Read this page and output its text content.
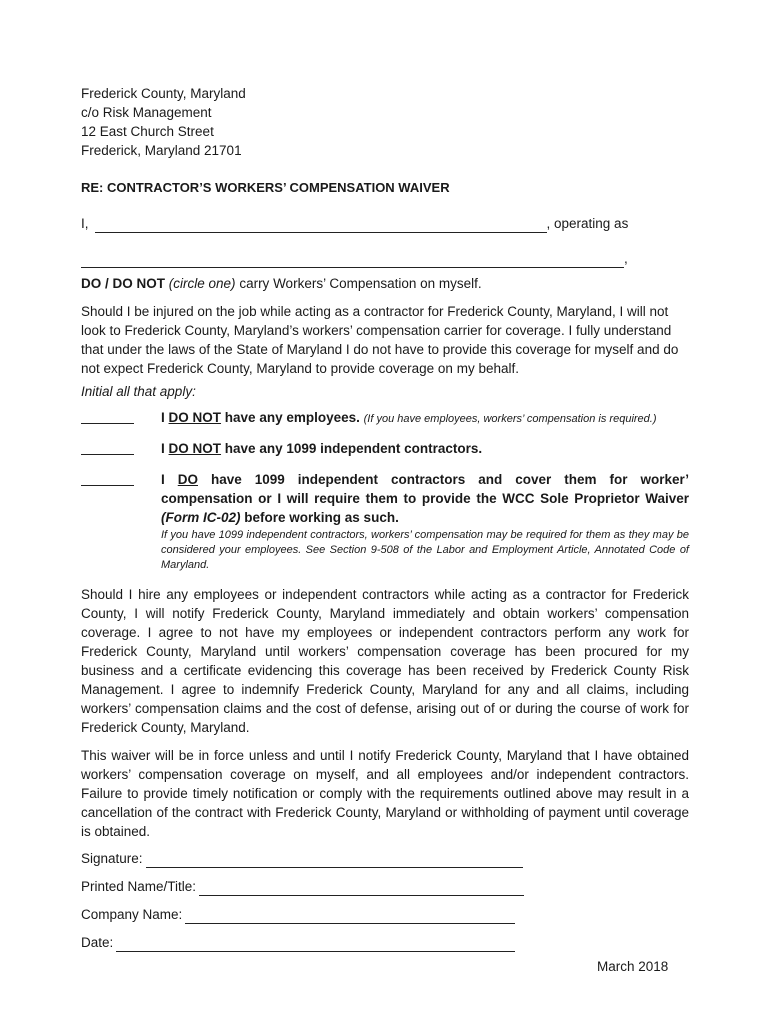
Frederick County, Maryland
c/o Risk Management
12 East Church Street
Frederick, Maryland 21701
RE: CONTRACTOR’S WORKERS’ COMPENSATION WAIVER
I,	, operating as
,
DO / DO NOT (circle one) carry Workers’ Compensation on myself.
Should I be injured on the job while acting as a contractor for Frederick County, Maryland, I will not look to Frederick County, Maryland’s workers’ compensation carrier for coverage. I fully understand that under the laws of the State of Maryland I do not have to provide this coverage for myself and do not expect Frederick County, Maryland to provide coverage on my behalf.
Initial all that apply:
I DO NOT have any employees. (If you have employees, workers’ compensation is required.)
I DO NOT have any 1099 independent contractors.
I DO have 1099 independent contractors and cover them for worker’ compensation or I will require them to provide the WCC Sole Proprietor Waiver (Form IC-02) before working as such.
If you have 1099 independent contractors, workers’ compensation may be required for them as they may be considered your employees. See Section 9-508 of the Labor and Employment Article, Annotated Code of Maryland.
Should I hire any employees or independent contractors while acting as a contractor for Frederick County, I will notify Frederick County, Maryland immediately and obtain workers’ compensation coverage. I agree to not have my employees or independent contractors perform any work for Frederick County, Maryland until workers’ compensation coverage has been procured for my business and a certificate evidencing this coverage has been received by Frederick County Risk Management. I agree to indemnify Frederick County, Maryland for any and all claims, including workers’ compensation claims and the cost of defense, arising out of or during the course of work for Frederick County, Maryland.
This waiver will be in force unless and until I notify Frederick County, Maryland that I have obtained workers’ compensation coverage on myself, and all employees and/or independent contractors. Failure to provide timely notification or comply with the requirements outlined above may result in a cancellation of the contract with Frederick County, Maryland or withholding of payment until coverage is obtained.
Signature:
Printed Name/Title:
Company Name:
Date:
March 2018
